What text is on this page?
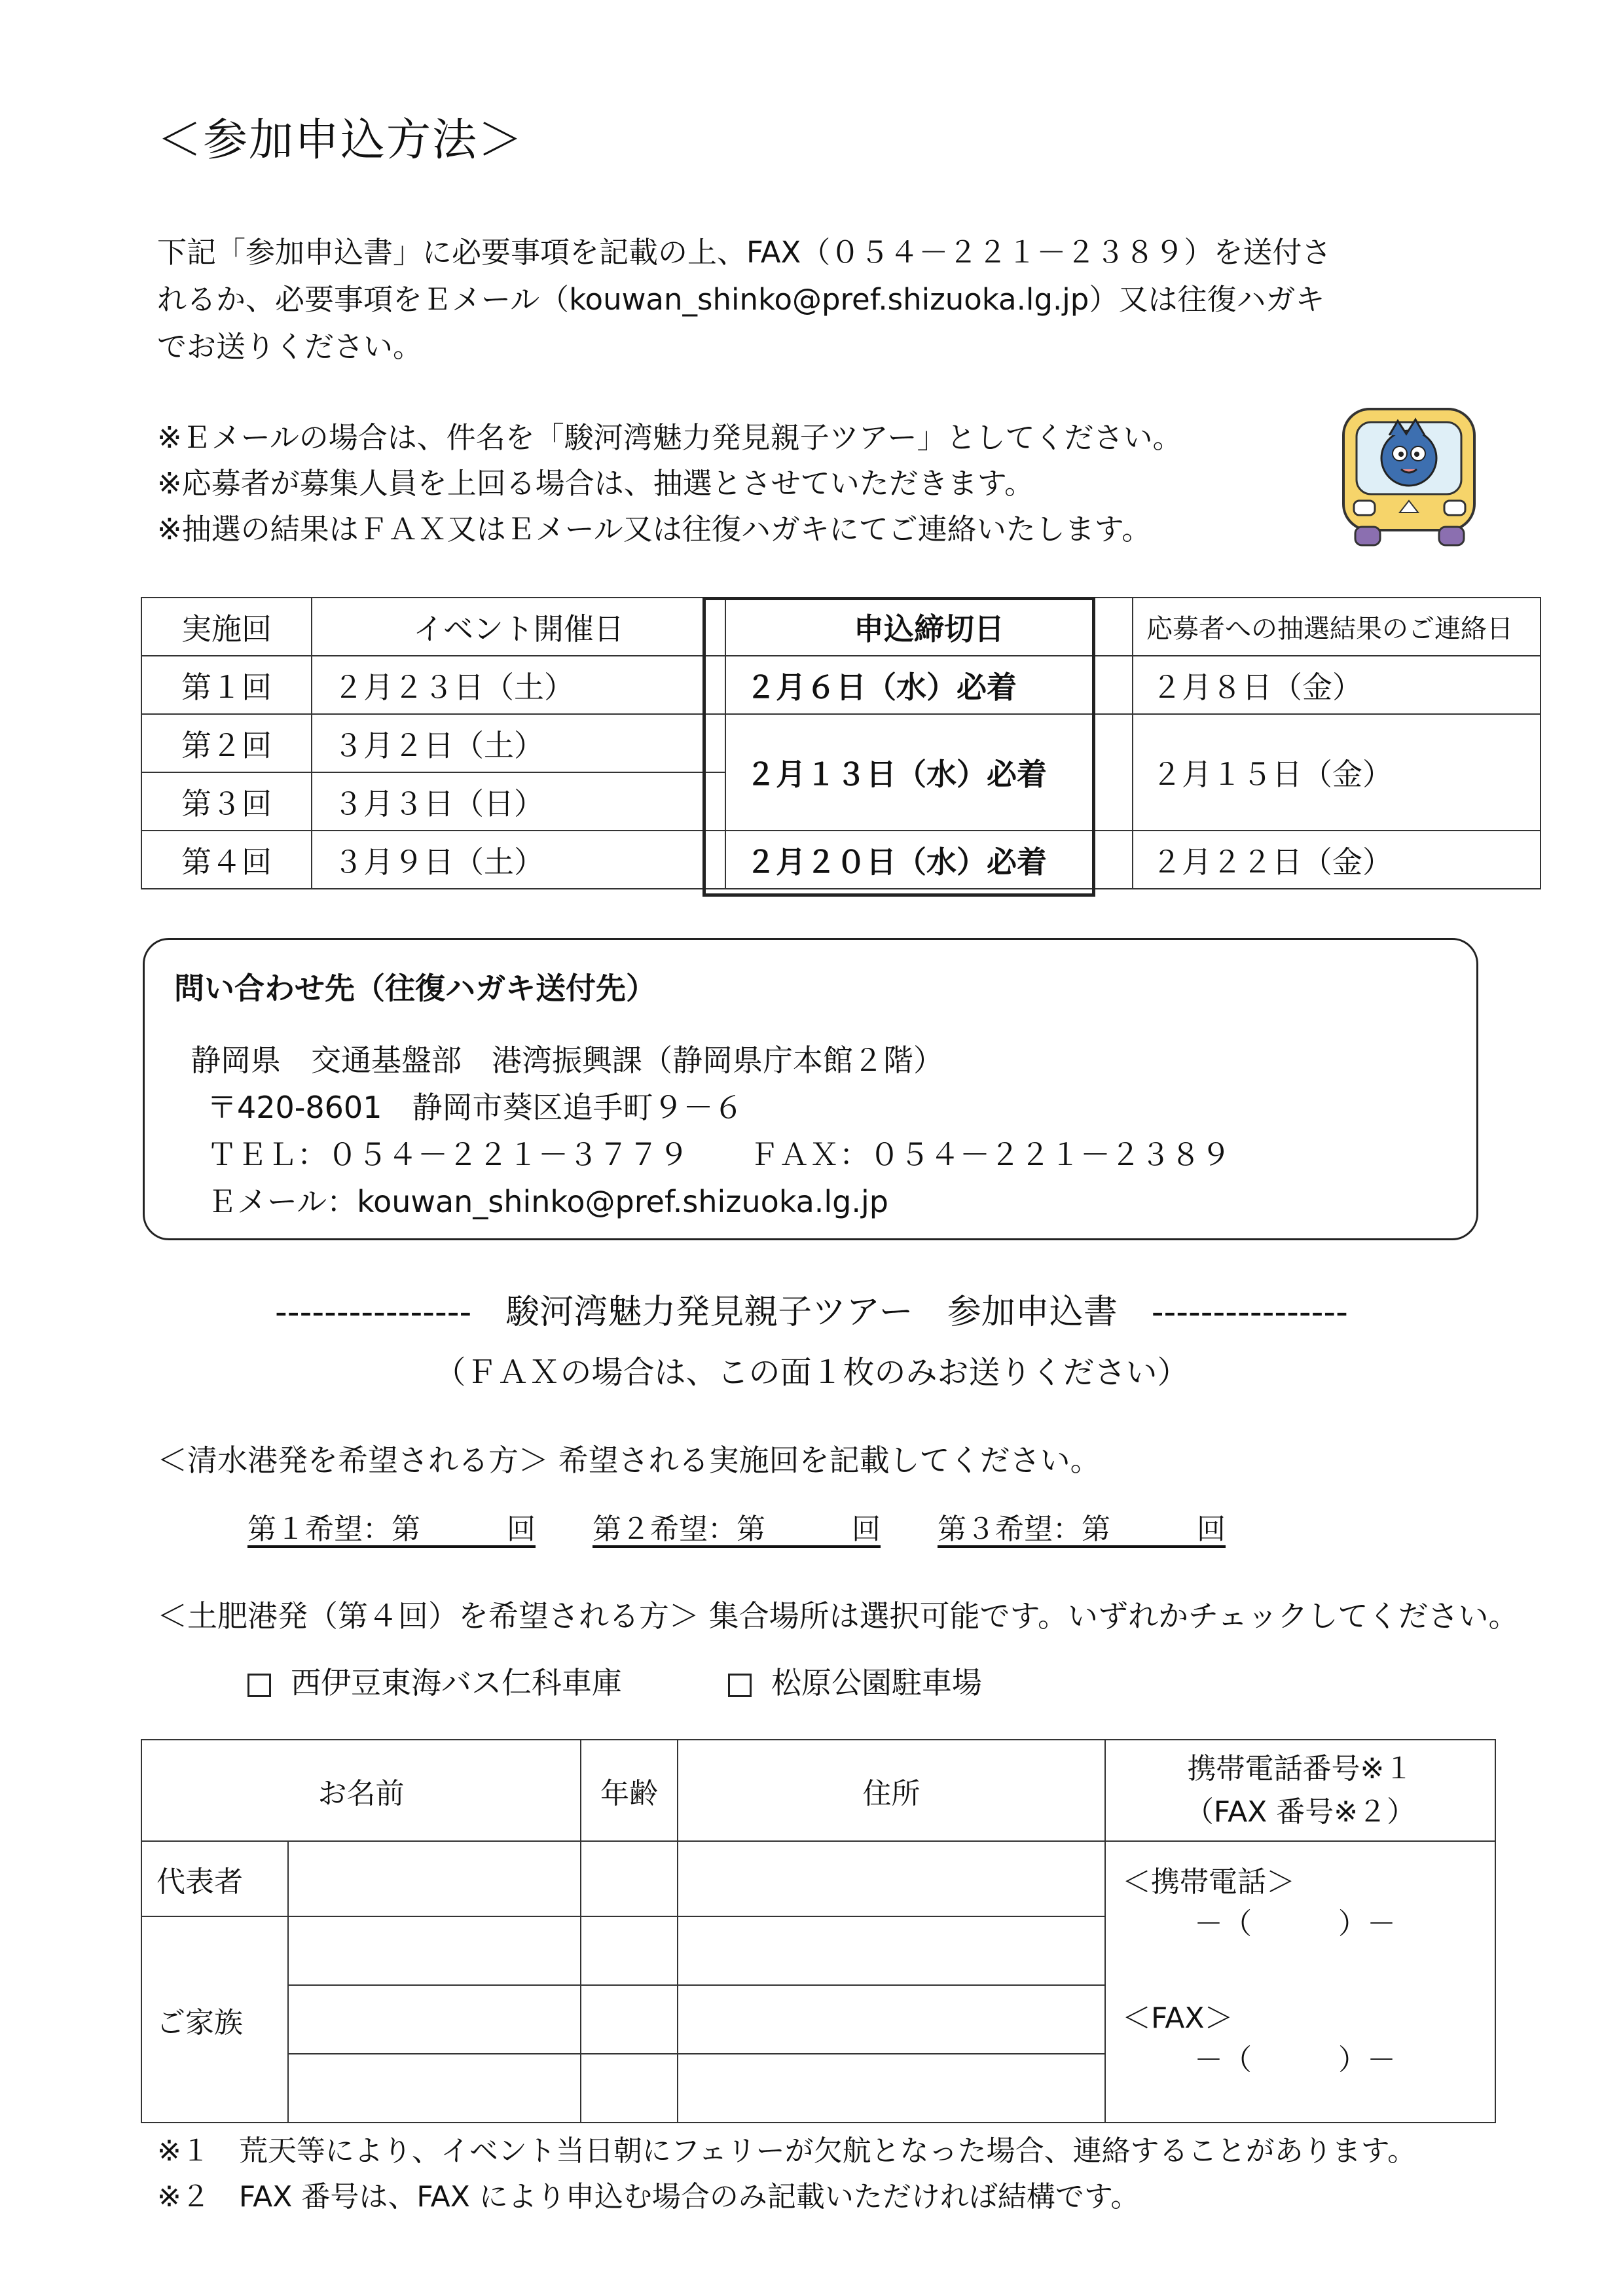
＜参加申込方法＞
下記「参加申込書」に必要事項を記載の上、FAX（０５４－２２１－２３８９）を送付さ
れるか、必要事項をＥメール（kouwan_shinko@pref.shizuoka.lg.jp）又は往復ハガキ
でお送りください。
※Ｅメールの場合は、件名を「駿河湾魅力発見親子ツアー」としてください。
※応募者が募集人員を上回る場合は、抽選とさせていただきます。
※抽選の結果はＦＡＸ又はＥメール又は往復ハガキにてご連絡いたします。
実施回	イベント開催日	申込締切日	応募者への抽選結果のご連絡日
第１回	２月２３日（土）	２月６日（水）必着	２月８日（金）
第２回	３月２日（土）	２月１３日（水）必着	２月１５日（金）
第３回	３月３日（日）		
第４回	３月９日（土）	２月２０日（水）必着	２月２２日（金）
問い合わせ先（往復ハガキ送付先）
静岡県　交通基盤部　港湾振興課（静岡県庁本館２階）
〒420-8601　静岡市葵区追手町９－６
ＴＥＬ：０５４－２２１－３７７９　　ＦＡＸ：０５４－２２１－２３８９
Ｅメール：kouwan_shinko@pref.shizuoka.lg.jp
----------------　駿河湾魅力発見親子ツアー　参加申込書　----------------
（ＦＡＸの場合は、この面１枚のみお送りください）
＜清水港発を希望される方＞ 希望される実施回を記載してください。
第１希望：第　　　回 第２希望：第　　　回 第３希望：第　　　回
＜土肥港発（第４回）を希望される方＞ 集合場所は選択可能です。いずれかチェックしてください。
西伊豆東海バス仁科車庫	松原公園駐車場
お名前		年齢	住所	携帯電話番号※１
（FAX 番号※２）

代表者				＜携帯電話＞
－（　　　）－
＜FAX＞
－（　　　）－

ご家族				

※１　荒天等により、イベント当日朝にフェリーが欠航となった場合、連絡することがあります。
※２　FAX 番号は、FAX により申込む場合のみ記載いただければ結構です。
